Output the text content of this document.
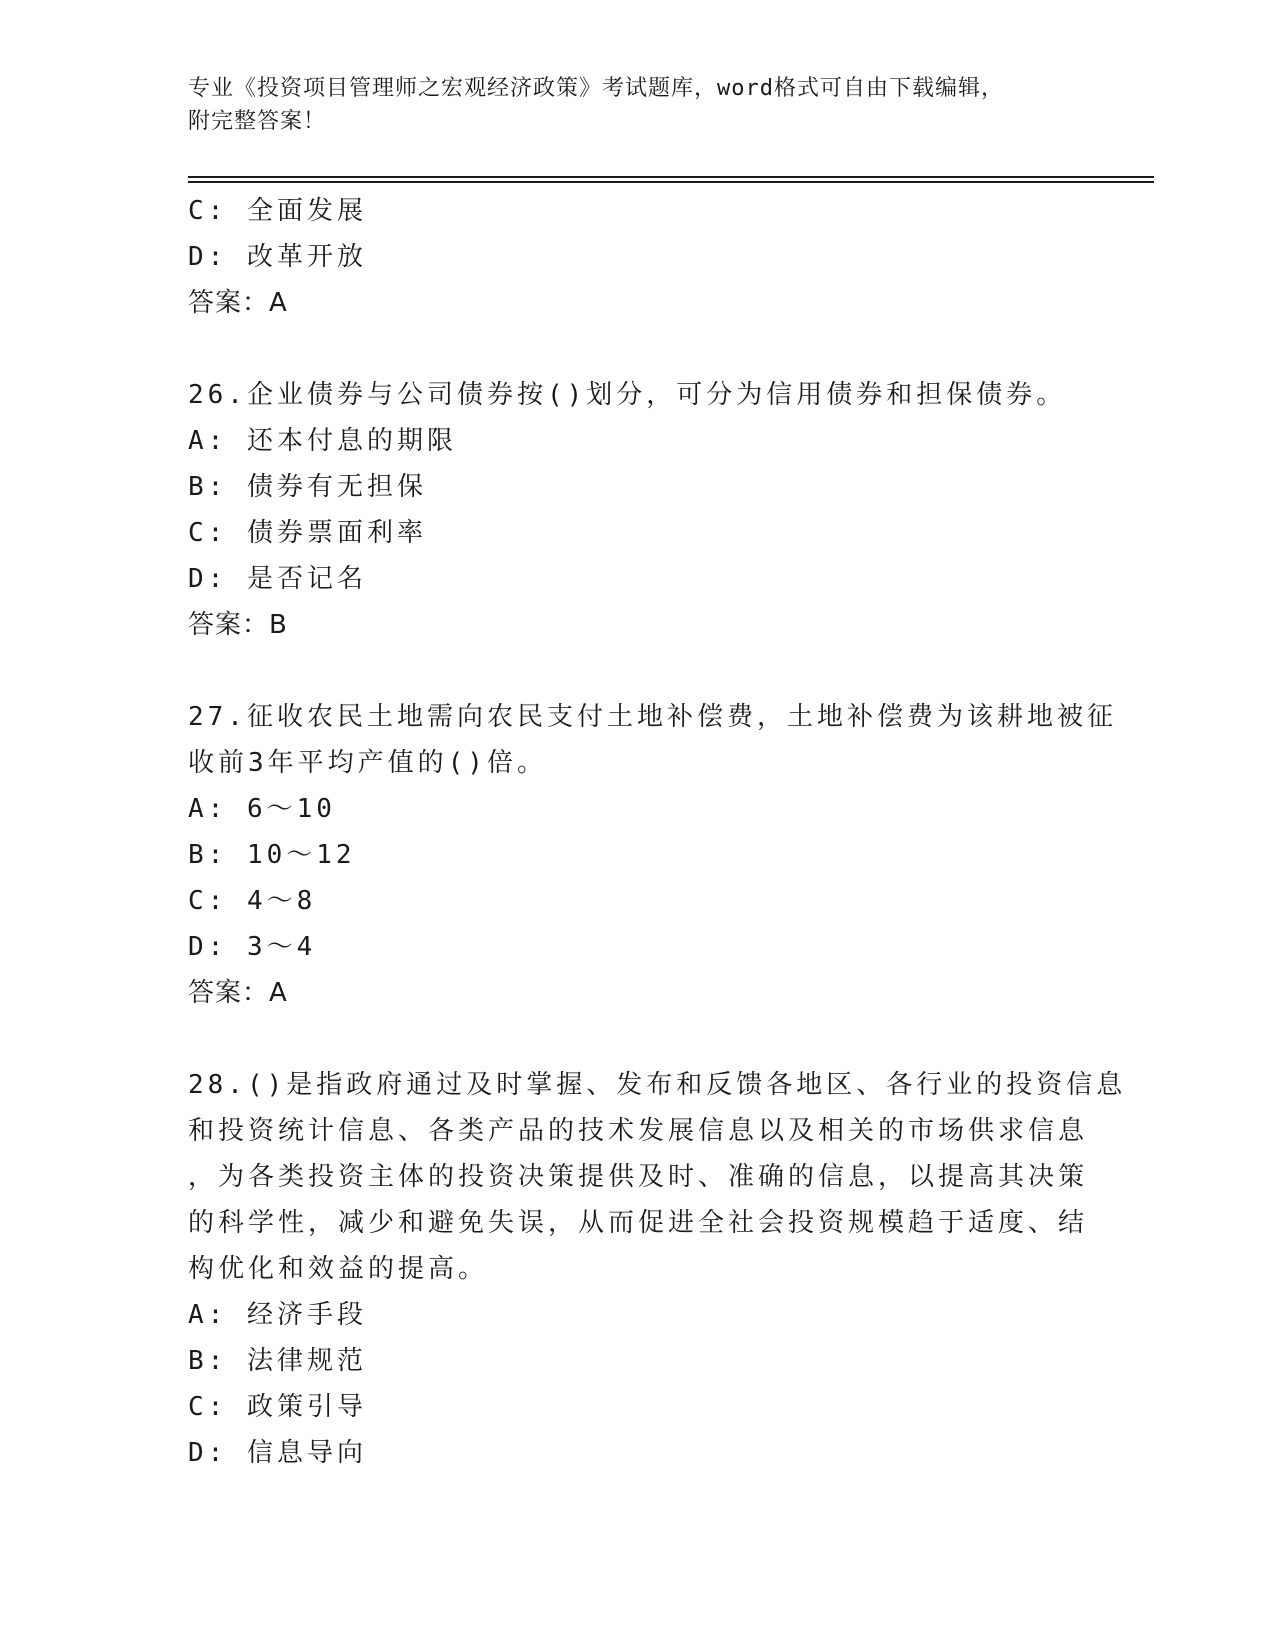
专业《投资项目管理师之宏观经济政策》考试题库，word格式可自由下载编辑，
附完整答案！
C: 全面发展
D: 改革开放
答案：A
26.企业债券与公司债券按()划分，可分为信用债券和担保债券。
A: 还本付息的期限
B: 债券有无担保
C: 债券票面利率
D: 是否记名
答案：B
27.征收农民土地需向农民支付土地补偿费，土地补偿费为该耕地被征
收前3年平均产值的()倍。
A: 6～10
B: 10～12
C: 4～8
D: 3～4
答案：A
28.()是指政府通过及时掌握、发布和反馈各地区、各行业的投资信息
和投资统计信息、各类产品的技术发展信息以及相关的市场供求信息
，为各类投资主体的投资决策提供及时、准确的信息，以提高其决策
的科学性，减少和避免失误，从而促进全社会投资规模趋于适度、结
构优化和效益的提高。
A: 经济手段
B: 法律规范
C: 政策引导
D: 信息导向
